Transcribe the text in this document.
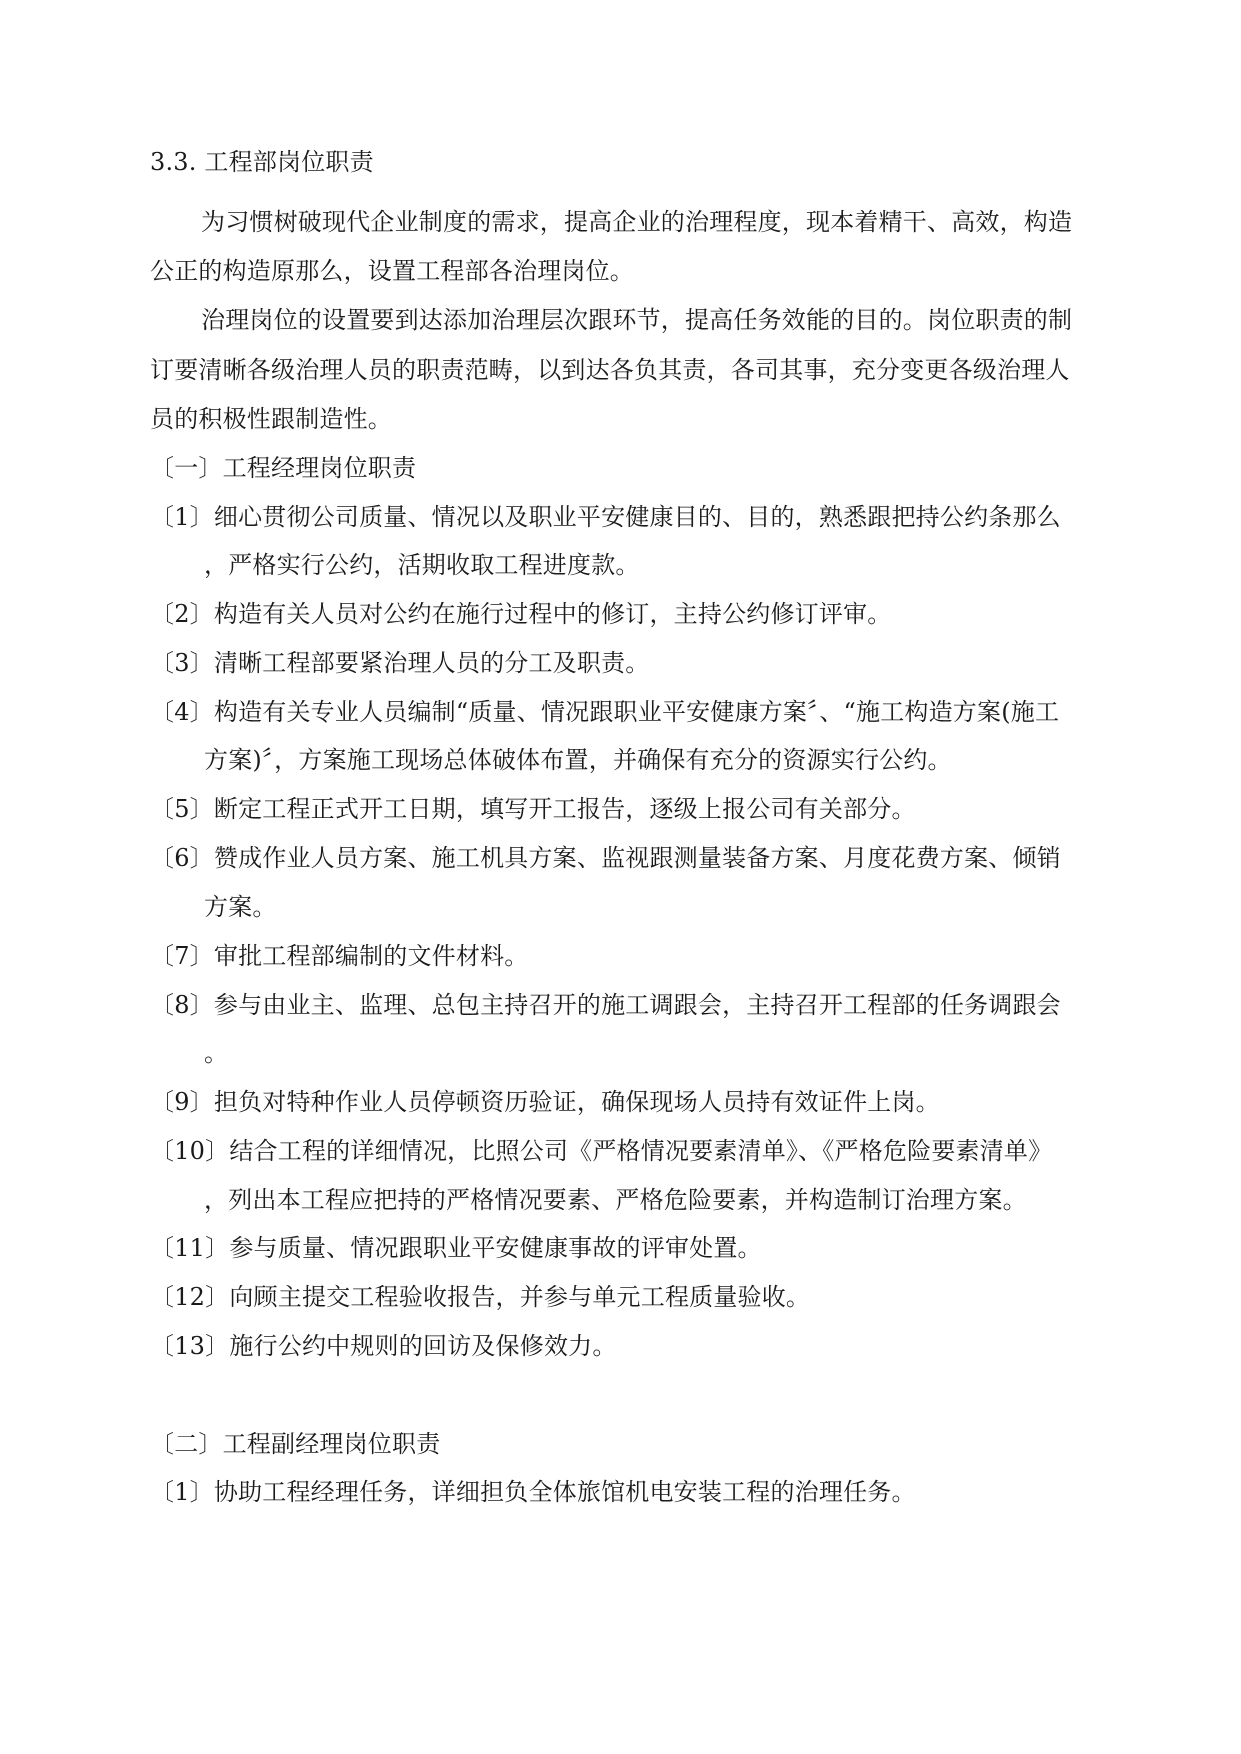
3.3. 工程部岗位职责
为习惯树破现代企业制度的需求，提高企业的治理程度，现本着精干、高效，构造
公正的构造原那么，设置工程部各治理岗位。
治理岗位的设置要到达添加治理层次跟环节，提高任务效能的目的。岗位职责的制
订要清晰各级治理人员的职责范畴，以到达各负其责，各司其事，充分变更各级治理人
员的积极性跟制造性。
〔一〕工程经理岗位职责
〔1〕细心贯彻公司质量、情况以及职业平安健康目的、目的，熟悉跟把持公约条那么
，严格实行公约，活期收取工程进度款。
〔2〕构造有关人员对公约在施行过程中的修订，主持公约修订评审。
〔3〕清晰工程部要紧治理人员的分工及职责。
〔4〕构造有关专业人员编制“质量、情况跟职业平安健康方案〞、“施工构造方案(施工
方案)〞，方案施工现场总体破体布置，并确保有充分的资源实行公约。
〔5〕断定工程正式开工日期，填写开工报告，逐级上报公司有关部分。
〔6〕赞成作业人员方案、施工机具方案、监视跟测量装备方案、月度花费方案、倾销
方案。
〔7〕审批工程部编制的文件材料。
〔8〕参与由业主、监理、总包主持召开的施工调跟会，主持召开工程部的任务调跟会
。
〔9〕担负对特种作业人员停顿资历验证，确保现场人员持有效证件上岗。
〔10〕结合工程的详细情况，比照公司《严格情况要素清单》、《严格危险要素清单》
，列出本工程应把持的严格情况要素、严格危险要素，并构造制订治理方案。
〔11〕参与质量、情况跟职业平安健康事故的评审处置。
〔12〕向顾主提交工程验收报告，并参与单元工程质量验收。
〔13〕施行公约中规则的回访及保修效力。
〔二〕工程副经理岗位职责
〔1〕协助工程经理任务，详细担负全体旅馆机电安装工程的治理任务。
